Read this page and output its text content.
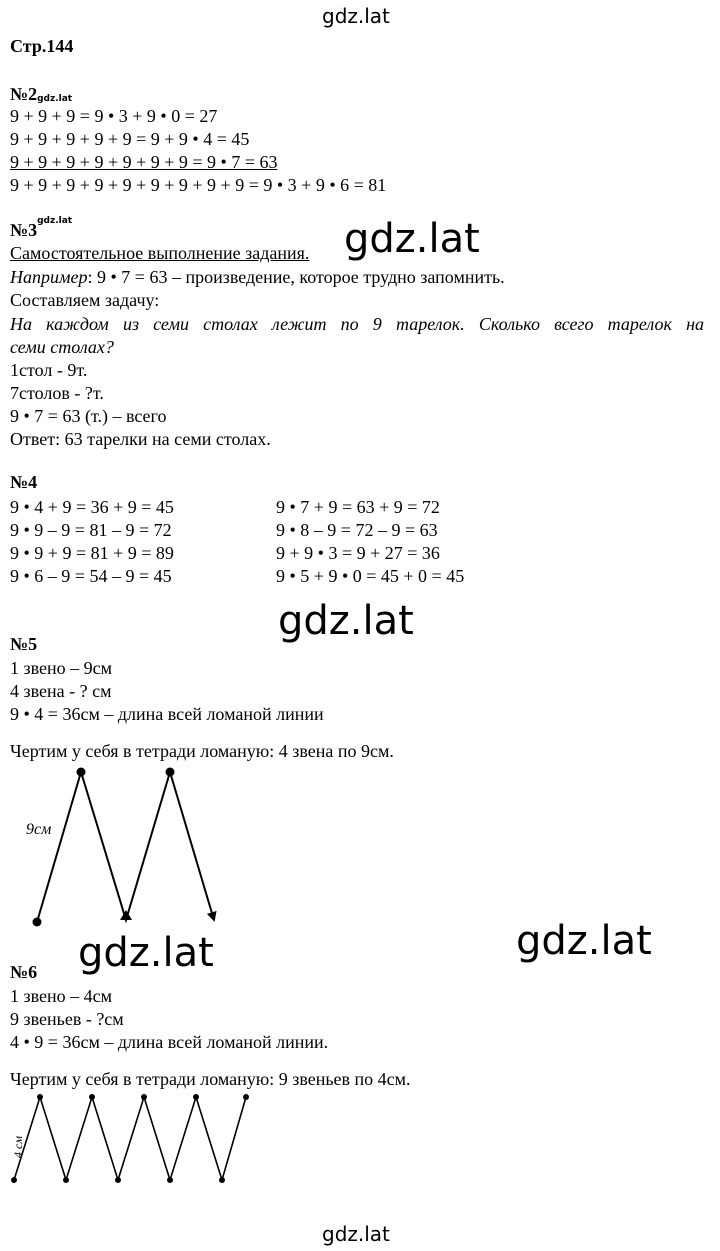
gdz.lat
gdz.lat
gdz.lat
gdz.lat
gdz.lat	gdz.lat
Стр.144
№2 gdz.lat
9 + 9 + 9 = 9 • 3 + 9 • 0 = 27
9 + 9 + 9 + 9 + 9 = 9 + 9 • 4 = 45
9 + 9 + 9 + 9 + 9 + 9 + 9 = 9 • 7 = 63
9 + 9 + 9 + 9 + 9 + 9 + 9 + 9 + 9 = 9 • 3 + 9 • 6 = 81
№3 gdz.lat
Самостоятельное выполнение задания.
Например: 9 • 7 = 63 – произведение, которое трудно запомнить.
Составляем задачу:
На каждом из семи столах лежит по 9 тарелок. Сколько всего тарелок на
семи столах?
1стол - 9т.
7столов - ?т.
9 • 7 = 63 (т.) – всего
Ответ: 63 тарелки на семи столах.
№4
9 • 4 + 9 = 36 + 9 = 45
9 • 9 – 9 = 81 – 9 = 72
9 • 9 + 9 = 81 + 9 = 89
9 • 6 – 9 = 54 – 9 = 45
9 • 7 + 9 = 63 + 9 = 72
9 • 8 – 9 = 72 – 9 = 63
9 + 9 • 3 = 9 + 27 = 36
9 • 5 + 9 • 0 = 45 + 0 = 45
№5
1 звено – 9см
4 звена - ? см
9 • 4 = 36см – длина всей ломаной линии
Чертим у себя в тетради ломаную: 4 звена по 9см.
9см
№6
1 звено – 4см
9 звеньев - ?см
4 • 9 = 36см – длина всей ломаной линии.
Чертим у себя в тетради ломаную: 9 звеньев по 4см.
4 см
